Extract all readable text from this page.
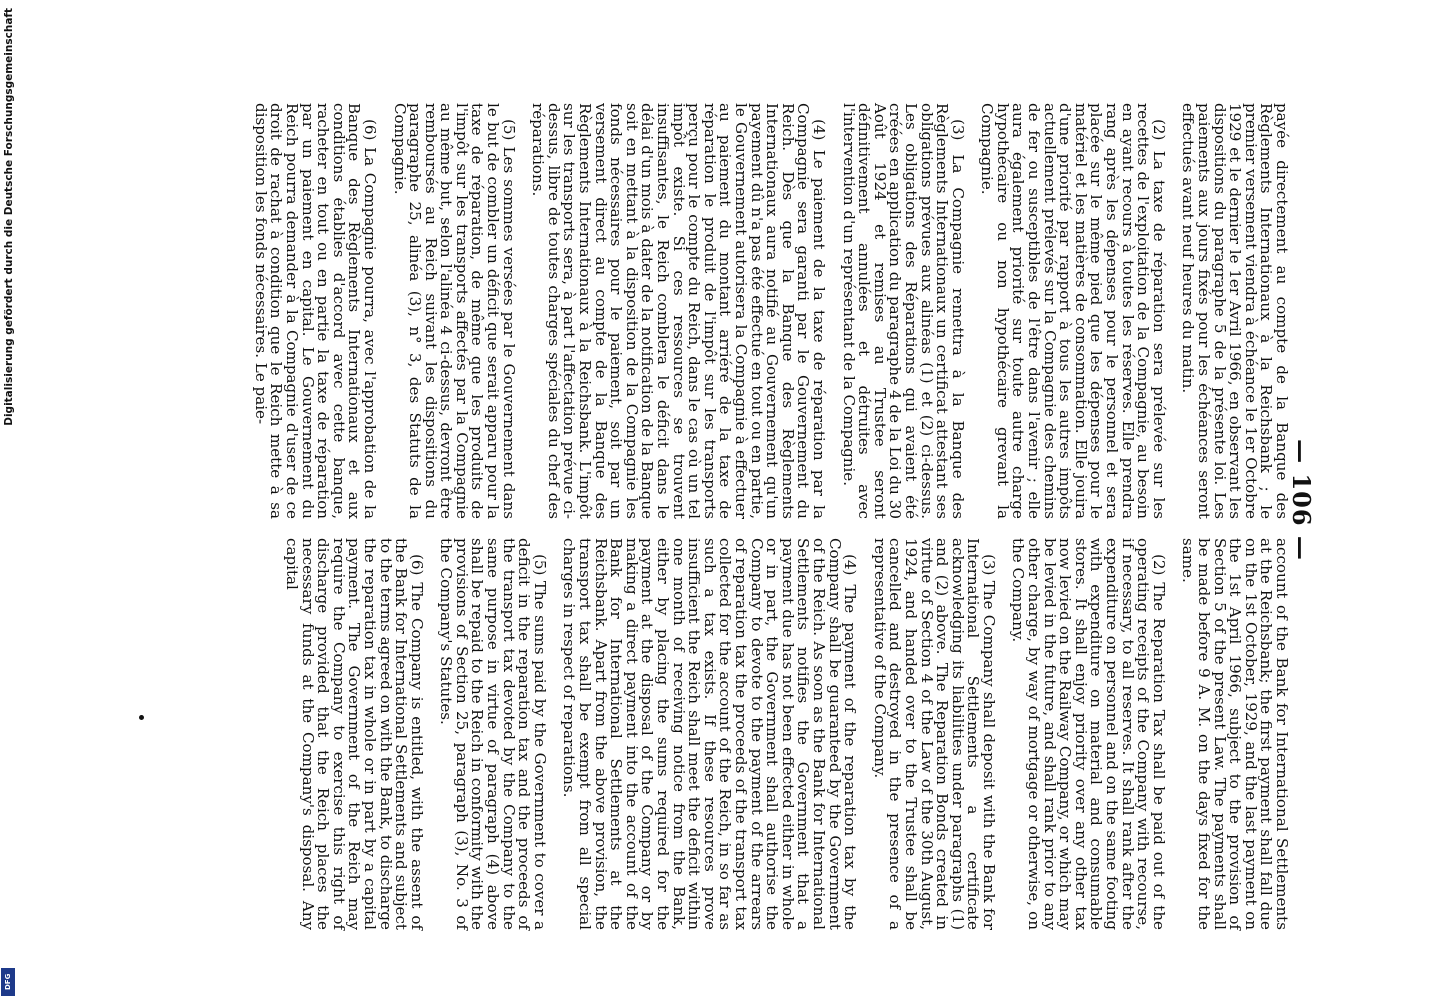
— 106 —

payée directement au compte de la Banque des Règlements Internationaux à la Reichsbank ; le premier versement viendra à échéance le 1er Octobre 1929 et le dernier le 1er Avril 1966, en observant les dispositions du paragraphe 5 de la présente loi. Les paiements aux jours fixés pour les échéances seront effectués avant neuf heures du matin.

(2) La taxe de réparation sera prélevée sur les recettes de l'exploitation de la Compagnie, au besoin en ayant recours à toutes les réserves. Elle prendra rang après les dépenses pour le personnel et sera placée sur le même pied que les dépenses pour le matériel et les matières de consommation. Elle jouira d'une priorité par rapport à tous les autres impôts actuellement prélevés sur la Compagnie des chemins de fer ou susceptibles de l'être dans l'avenir ; elle aura également priorité sur toute autre charge hypothécaire ou non hypothécaire grevant la Compagnie.

(3) La Compagnie remettra à la Banque des Règlements Internationaux un certificat attestant ses obligations prévues aux alinéas (1) et (2) ci-dessus. Les obligations des Réparations qui avaient été créées en application du paragraphe 4 de la Loi du 30 Août 1924 et remises au Trustee seront définitivement annulées et détruites avec l'intervention d'un représentant de la Compagnie.

(4) Le paiement de la taxe de réparation par la Compagnie sera garanti par le Gouvernement du Reich. Dès que la Banque des Règlements Internationaux aura notifié au Gouvernement qu'un payement dû n'a pas été effectué en tout ou en partie, le Gouvernement autorisera la Compagnie à effectuer au paiement du montant arriéré de la taxe de réparation le produit de l'impôt sur les transports perçu pour le compte du Reich, dans le cas où un tel impôt existe. Si ces ressources se trouvent insuffisantes, le Reich comblera le déficit dans le délai d'un mois à dater de la notification de la Banque soit en mettant à la disposition de la Compagnie les fonds nécessaires pour le paiement, soit par un versement direct au compte de la Banque des Règlements Internationaux à la Reichsbank. L'impôt sur les transports sera, à part l'affectation prévue ci-dessus, libre de toutes charges spéciales du chef des réparations.

(5) Les sommes versées par le Gouvernement dans le but de combler un déficit que serait apparu pour la taxe de réparation, de même que les produits de l'impôt sur les transports affectés par la Compagnie au même but, selon l'alinéa 4 ci-dessus, devront être remboursés au Reich suivant les dispositions du paragraphe 25, alinéa (3), n° 3, des Statuts de la Compagnie.

(6) La Compagnie pourra, avec l'approbation de la Banque des Règlements Internationaux et aux conditions établies d'accord avec cette banque, racheter en tout ou en partie la taxe de réparation par un paiement en capital. Le Gouvernement du Reich pourra demander à la Compagnie d'user de ce droit de rachat à condition que le Reich mette à sa disposition les fonds nécessaires. Le paie-

account of the Bank for International Settlements at the Reichsbank; the first payment shall fall due on the 1st October, 1929, and the last payment on the 1st April 1966, subject to the provision of Section 5 of the present Law. The payments shall be made before 9 A. M. on the days fixed for the same.

(2) The Reparation Tax shall be paid out of the operating receipts of the Company with recourse, if necessary, to all reserves. It shall rank after the expenditure on personnel and on the same footing with expenditure on material and consumable stores. It shall enjoy priority over any other tax now levied on the Railway Company, or which may be levied in the future, and shall rank prior to any other charge, by way of mortgage or otherwise, on the Company.

(3) The Company shall deposit with the Bank for International Settlements a certificate acknowledging its liabilities under paragraphs (1) and (2) above. The Reparation Bonds created in virtue of Section 4 of the Law of the 30th August, 1924, and handed over to the Trustee shall be cancelled and destroyed in the presence of a representative of the Company.

(4) The payment of the reparation tax by the Company shall be guaranteed by the Government of the Reich. As soon as the Bank for International Settlements notifies the Government that a payment due has not been effected either in whole or in part, the Government shall authorise the Company to devote to the payment of the arrears of reparation tax the proceeds of the transport tax collected for the account of the Reich, in so far as such a tax exists. If these resources prove insufficient the Reich shall meet the deficit within one month of receiving notice from the Bank, either by placing the sums required for the payment at the disposal of the Company or by making a direct payment into the account of the Bank for International Settlements at the Reichsbank. Apart from the above provision, the transport tax shall be exempt from all special charges in respect of reparations.

(5) The sums paid by the Government to cover a deficit in the reparation tax and the proceeds of the transport tax devoted by the Company to the same purpose in virtue of paragraph (4) above shall be repaid to the Reich in conformity with the provisions of Section 25, paragraph (3), No. 3 of the Company's Statutes.

(6) The Company is entitled, with the assent of the Bank for International Settlements and subject to the terms agreed on with the Bank, to discharge the reparation tax in whole or in part by a capital payment. The Government of the Reich may require the Company to exercise this right of discharge provided that the Reich places the necessary funds at the Company's disposal. Any capital

Digitalisierung gefördert durch die Deutsche Forschungsgemeinschaft
DFG
